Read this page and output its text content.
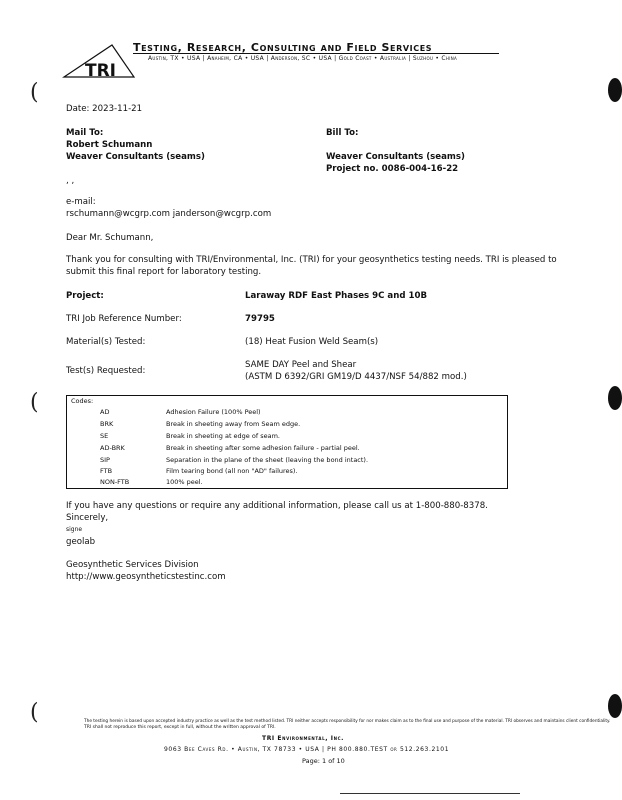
TRI
Testing, Research, Consulting and Field Services
Austin, TX • USA | Anaheim, CA • USA | Anderson, SC • USA | Gold Coast • Australia | Suzhou • China
(
(
(
Date: 2023-11-21
Mail To:
Robert Schumann
Weaver Consultants (seams)
, ,
Bill To:
Weaver Consultants (seams)
Project no. 0086-004-16-22
e-mail:
rschumann@wcgrp.com janderson@wcgrp.com
Dear Mr. Schumann,
Thank you for consulting with TRI/Environmental, Inc. (TRI) for your geosynthetics testing needs. TRI is pleased to
submit this final report for laboratory testing.
Project:	Laraway RDF East Phases 9C and 10B
TRI Job Reference Number:	79795
Material(s) Tested:	(18) Heat Fusion Weld Seam(s)
Test(s) Requested:
SAME DAY Peel and Shear
(ASTM D 6392/GRI GM19/D 4437/NSF 54/882 mod.)
Codes:
AD	Adhesion Failure (100% Peel)
BRK	Break in sheeting away from Seam edge.
SE	Break in sheeting at edge of seam.
AD-BRK	Break in sheeting after some adhesion failure - partial peel.
SIP	Separation in the plane of the sheet (leaving the bond intact).
FTB	Film tearing bond (all non "AD" failures).
NON-FTB	100% peel.
If you have any questions or require any additional information, please call us at 1-800-880-8378.
Sincerely,
signe
geolab
Geosynthetic Services Division
http://www.geosyntheticstestinc.com
The testing herein is based upon accepted industry practice as well as the test method listed. TRI neither accepts responsibility for nor makes claim as to the final use and purpose of the material. TRI observes and maintains client confidentiality.
TRI shall not reproduce this report, except in full, without the written approval of TRI.
TRI Environmental, Inc.
9063 Bee Caves Rd. • Austin, TX 78733 • USA | PH 800.880.TEST or 512.263.2101
Page: 1 of 10
